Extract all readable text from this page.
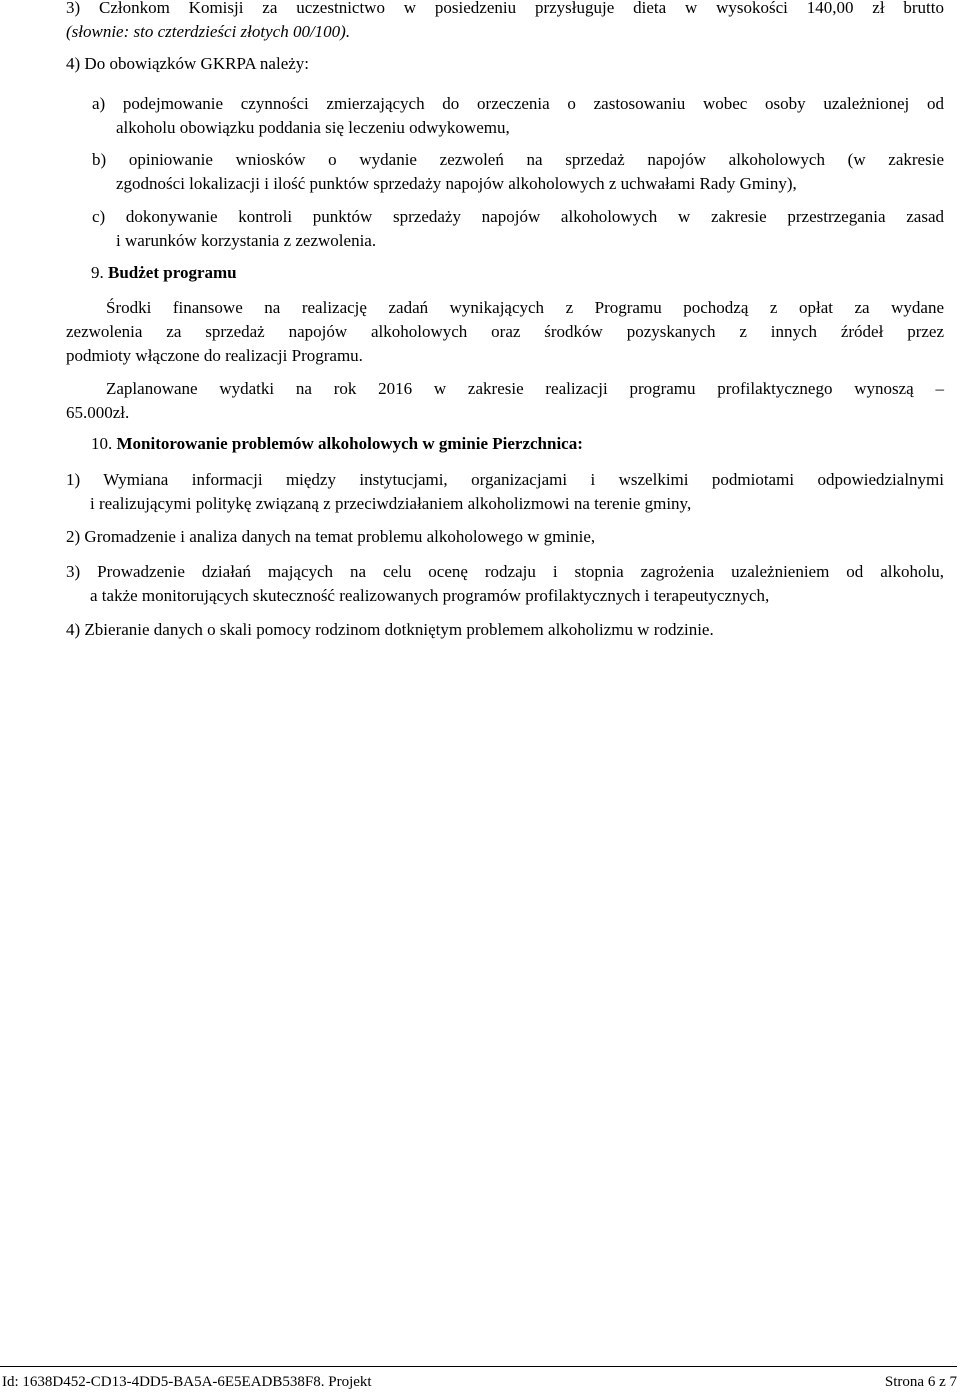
3) Członkom Komisji za uczestnictwo w posiedzeniu przysługuje dieta w wysokości 140,00 zł brutto
(słownie: sto czterdzieści złotych 00/100).
4) Do obowiązków GKRPA należy:
a) podejmowanie czynności zmierzających do orzeczenia o zastosowaniu wobec osoby uzależnionej od
alkoholu obowiązku poddania się leczeniu odwykowemu,
b) opiniowanie wniosków o wydanie zezwoleń na sprzedaż napojów alkoholowych (w zakresie
zgodności lokalizacji i ilość punktów sprzedaży napojów alkoholowych z uchwałami Rady Gminy),
c) dokonywanie kontroli punktów sprzedaży napojów alkoholowych w zakresie przestrzegania zasad
i warunków korzystania z zezwolenia.
9. Budżet programu
Środki finansowe na realizację zadań wynikających z Programu pochodzą z opłat za wydane
zezwolenia za sprzedaż napojów alkoholowych oraz środków pozyskanych z innych źródeł przez
podmioty włączone do realizacji Programu.
Zaplanowane wydatki na rok 2016 w zakresie realizacji programu profilaktycznego wynoszą –
65.000zł.
10. Monitorowanie problemów alkoholowych w gminie Pierzchnica:
1) Wymiana informacji między instytucjami, organizacjami i wszelkimi podmiotami odpowiedzialnymi
i realizującymi politykę związaną z przeciwdziałaniem alkoholizmowi na terenie gminy,
2) Gromadzenie i analiza danych na temat problemu alkoholowego w gminie,
3) Prowadzenie działań mających na celu ocenę rodzaju i stopnia zagrożenia uzależnieniem od alkoholu,
a także monitorujących skuteczność realizowanych programów profilaktycznych i terapeutycznych,
4) Zbieranie danych o skali pomocy rodzinom dotkniętym problemem alkoholizmu w rodzinie.
Id: 1638D452-CD13-4DD5-BA5A-6E5EADB538F8. Projekt	Strona 6 z 7
